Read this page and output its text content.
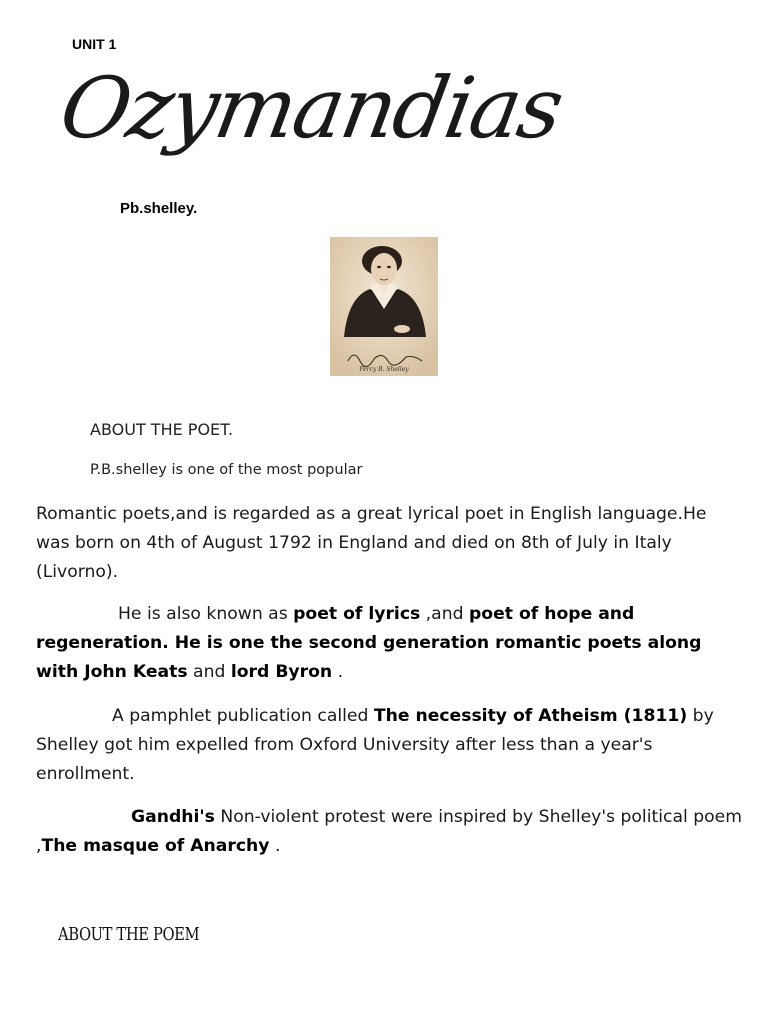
UNIT 1
Ozymandias
Pb.shelley.
Percy B. Shelley
ABOUT THE POET.
P.B.shelley is one of the most popular
Romantic poets,and is regarded as a great lyrical poet in English language.He was born on 4th of August 1792 in England and died on 8th of July in Italy (Livorno).
He is also known as poet of lyrics ,and poet of hope and regeneration. He is one the second generation romantic poets along with John Keats and lord Byron .
A pamphlet publication called The necessity of Atheism (1811) by Shelley got him expelled from Oxford University after less than a year's enrollment.
Gandhi's Non-violent protest were inspired by Shelley's political poem ,The masque of Anarchy .
ABOUT THE POEM
